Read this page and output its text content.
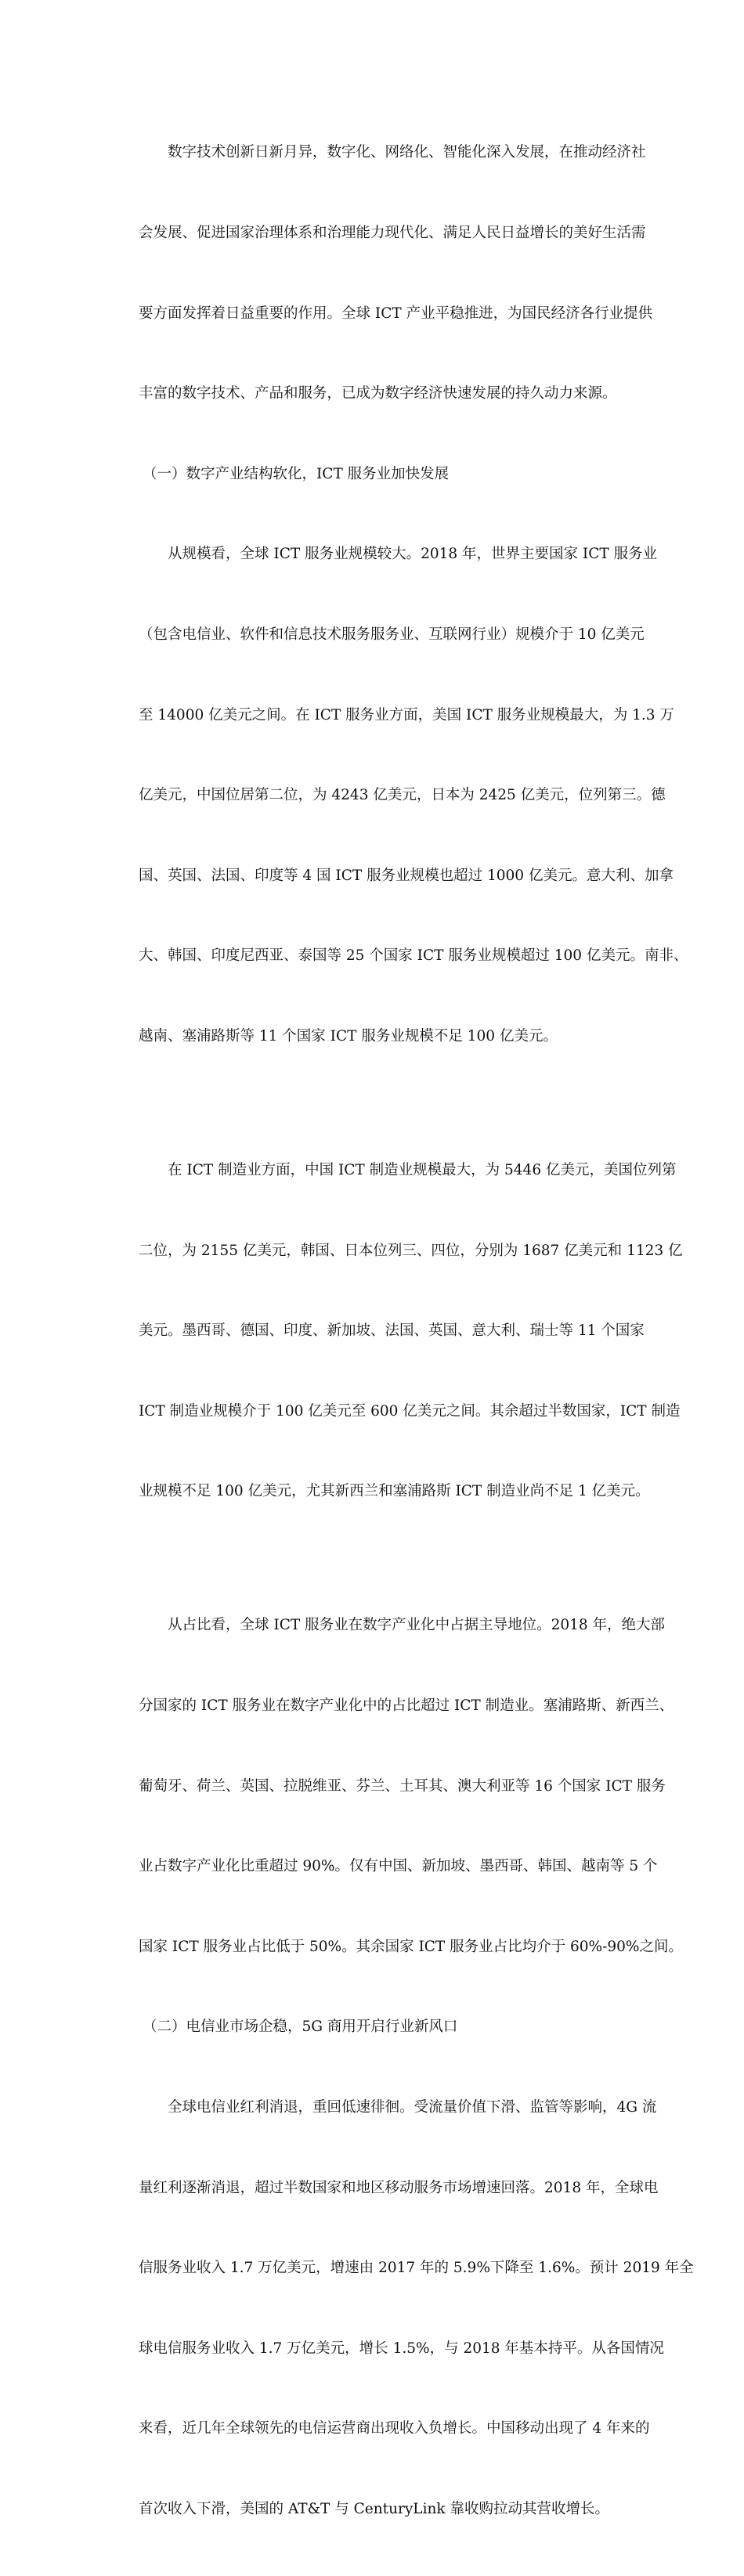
数字技术创新日新月异，数字化、网络化、智能化深入发展，在推动经济社

会发展、促进国家治理体系和治理能力现代化、满足人民日益增长的美好生活需

要方面发挥着日益重要的作用。全球 ICT 产业平稳推进，为国民经济各行业提供

丰富的数字技术、产品和服务，已成为数字经济快速发展的持久动力来源。

（一）数字产业结构软化，ICT 服务业加快发展

从规模看，全球 ICT 服务业规模较大。2018 年，世界主要国家 ICT 服务业

（包含电信业、软件和信息技术服务服务业、互联网行业）规模介于 10 亿美元

至 14000 亿美元之间。在 ICT 服务业方面，美国 ICT 服务业规模最大，为 1.3 万

亿美元，中国位居第二位，为 4243 亿美元，日本为 2425 亿美元，位列第三。德

国、英国、法国、印度等 4 国 ICT 服务业规模也超过 1000 亿美元。意大利、加拿

大、韩国、印度尼西亚、泰国等 25 个国家 ICT 服务业规模超过 100 亿美元。南非、

越南、塞浦路斯等 11 个国家 ICT 服务业规模不足 100 亿美元。

在 ICT 制造业方面，中国 ICT 制造业规模最大，为 5446 亿美元，美国位列第

二位，为 2155 亿美元，韩国、日本位列三、四位，分别为 1687 亿美元和 1123 亿

美元。墨西哥、德国、印度、新加坡、法国、英国、意大利、瑞士等 11 个国家

ICT 制造业规模介于 100 亿美元至 600 亿美元之间。其余超过半数国家，ICT 制造

业规模不足 100 亿美元，尤其新西兰和塞浦路斯 ICT 制造业尚不足 1 亿美元。

从占比看，全球 ICT 服务业在数字产业化中占据主导地位。2018 年，绝大部

分国家的 ICT 服务业在数字产业化中的占比超过 ICT 制造业。塞浦路斯、新西兰、

葡萄牙、荷兰、英国、拉脱维亚、芬兰、土耳其、澳大利亚等 16 个国家 ICT 服务

业占数字产业化比重超过 90%。仅有中国、新加坡、墨西哥、韩国、越南等 5 个

国家 ICT 服务业占比低于 50%。其余国家 ICT 服务业占比均介于 60%-90%之间。

（二）电信业市场企稳，5G 商用开启行业新风口

全球电信业红利消退，重回低速徘徊。受流量价值下滑、监管等影响，4G 流

量红利逐渐消退，超过半数国家和地区移动服务市场增速回落。2018 年，全球电

信服务业收入 1.7 万亿美元，增速由 2017 年的 5.9%下降至 1.6%。预计 2019 年全

球电信服务业收入 1.7 万亿美元，增长 1.5%，与 2018 年基本持平。从各国情况

来看，近几年全球领先的电信运营商出现收入负增长。中国移动出现了 4 年来的

首次收入下滑，美国的 AT&T 与 CenturyLink 靠收购拉动其营收增长。
